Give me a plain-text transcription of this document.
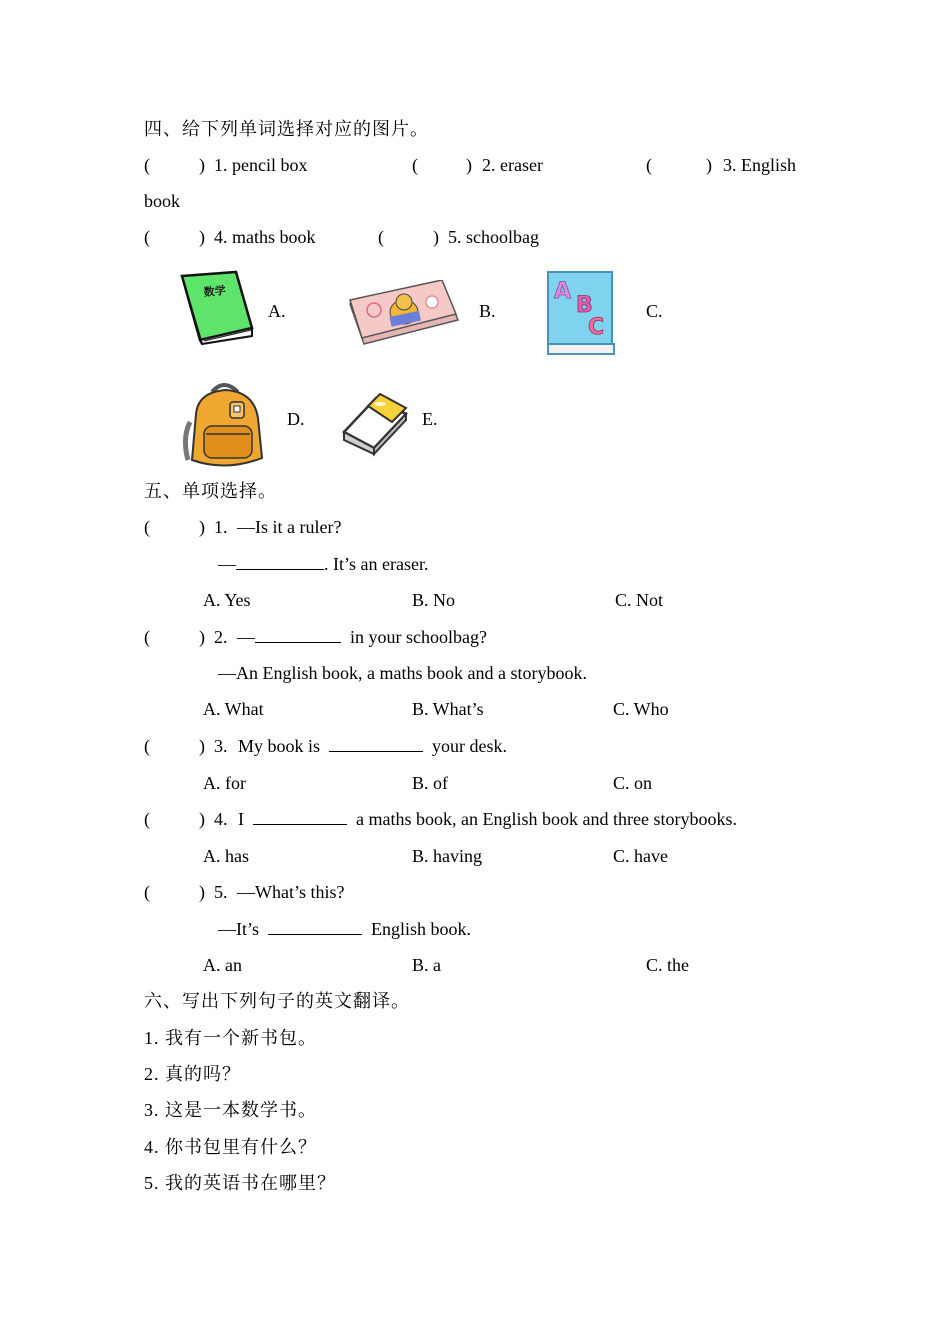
四、给下列单词选择对应的图片。
(	) 1. pencil box	(	) 2. eraser	(	) 3. English
book
(	) 4. maths book	(	) 5. schoolbag
数学
A.	B.
A
B
C
C.
D.	E.
五、单项选择。
(	) 1. —Is it a ruler?
—	. It’s an eraser.
A. Yes	B. No	C. Not
(	) 2. —	in your schoolbag?
—An English book, a maths book and a storybook.
A. What	B. What’s	C. Who
(	) 3. My book is	your desk.
A. for	B. of	C. on
(	) 4. I	a maths book, an English book and three storybooks.
A. has	B. having	C. have
(	) 5. —What’s this?
—It’s	English book.
A. an	B. a	C. the
六、写出下列句子的英文翻译。
1. 我有一个新书包。
2. 真的吗？
3. 这是一本数学书。
4. 你书包里有什么？
5. 我的英语书在哪里？
